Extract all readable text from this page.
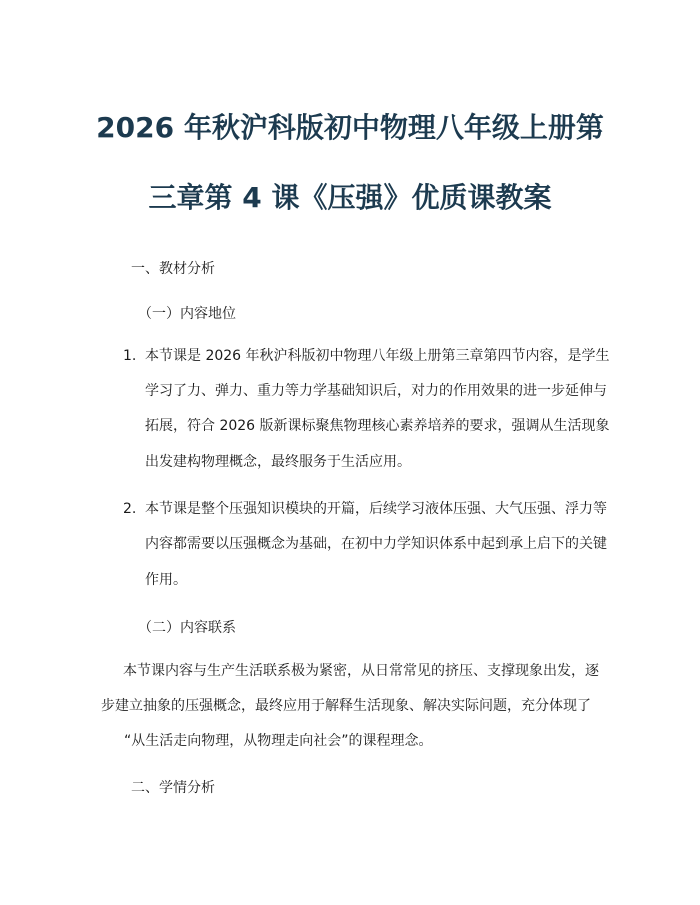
2026 年秋沪科版初中物理八年级上册第
三章第 4 课《压强》优质课教案
一、教材分析
（一）内容地位
1. 本节课是 2026 年秋沪科版初中物理八年级上册第三章第四节内容，是学生
学习了力、弹力、重力等力学基础知识后，对力的作用效果的进一步延伸与
拓展，符合 2026 版新课标聚焦物理核心素养培养的要求，强调从生活现象
出发建构物理概念，最终服务于生活应用。
2. 本节课是整个压强知识模块的开篇，后续学习液体压强、大气压强、浮力等
内容都需要以压强概念为基础，在初中力学知识体系中起到承上启下的关键
作用。
（二）内容联系
本节课内容与生产生活联系极为紧密，从日常常见的挤压、支撑现象出发，逐
步建立抽象的压强概念，最终应用于解释生活现象、解决实际问题，充分体现了
“从生活走向物理，从物理走向社会”的课程理念。
二、学情分析
